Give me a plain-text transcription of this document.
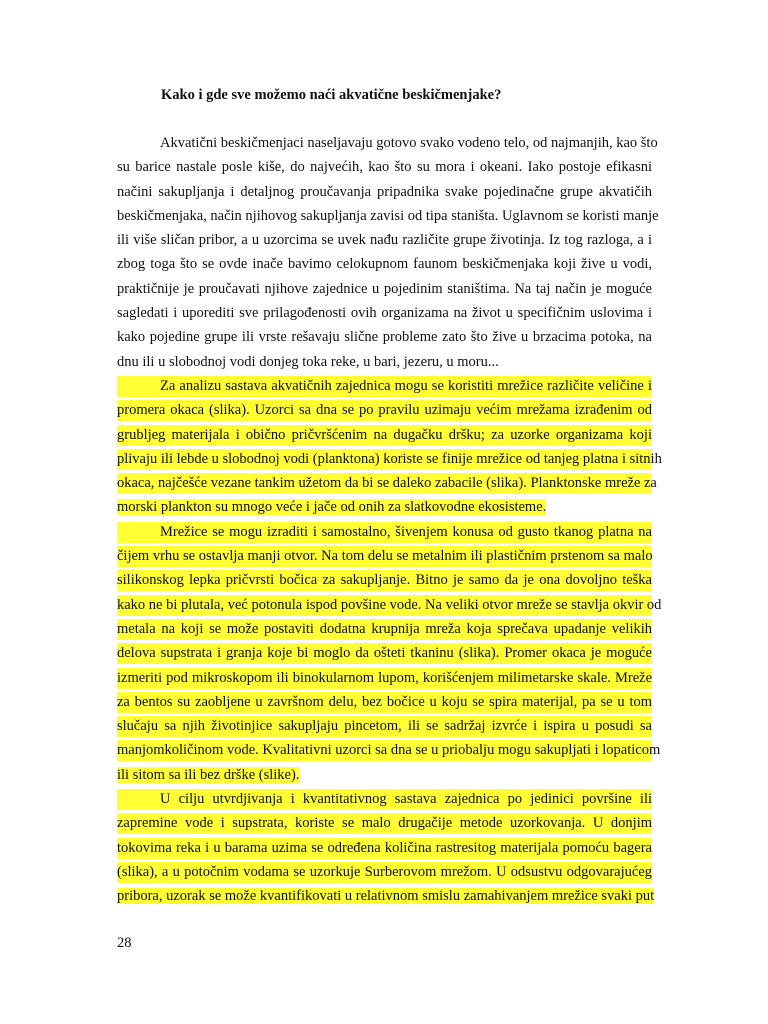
Kako i gde sve možemo naći akvatične beskičmenjake?
Akvatični beskičmenjaci naseljavaju gotovo svako vodeno telo, od najmanjih, kao što
su barice nastale posle kiše, do najvećih, kao što su mora i okeani. Iako postoje efikasni
načini sakupljanja i detaljnog proučavanja pripadnika svake pojedinačne grupe akvatičih
beskičmenjaka, način njihovog sakupljanja zavisi od tipa staništa. Uglavnom se koristi manje
ili više sličan pribor, a u uzorcima se uvek nađu različite grupe životinja. Iz tog razloga, a i
zbog toga što se ovde inače bavimo celokupnom faunom beskičmenjaka koji žive u vodi,
praktičnije je proučavati njihove zajednice u pojedinim staništima. Na taj način je moguće
sagledati i uporediti sve prilagođenosti ovih organizama na život u specifičnim uslovima i
kako pojedine grupe ili vrste rešavaju slične probleme zato što žive u brzacima potoka, na
dnu ili u slobodnoj vodi donjeg toka reke, u bari, jezeru, u moru...
Za analizu sastava akvatičnih zajednica mogu se koristiti mrežice različite veličine i
promera okaca (slika). Uzorci sa dna se po pravilu uzimaju većim mrežama izrađenim od
grubljeg materijala i obično pričvršćenim na dugačku dršku; za uzorke organizama koji
plivaju ili lebde u slobodnoj vodi (planktona) koriste se finije mrežice od tanjeg platna i sitnih
okaca, najčešće vezane tankim užetom da bi se daleko zabacile (slika). Planktonske mreže za
morski plankton su mnogo veće i jače od onih za slatkovodne ekosisteme.
Mrežice se mogu izraditi i samostalno, šivenjem konusa od gusto tkanog platna na
čijem vrhu se ostavlja manji otvor. Na tom delu se metalnim ili plastičnim prstenom sa malo
silikonskog lepka pričvrsti bočica za sakupljanje. Bitno je samo da je ona dovoljno teška
kako ne bi plutala, već potonula ispod povšine vode. Na veliki otvor mreže se stavlja okvir od
metala na koji se može postaviti dodatna krupnija mreža koja sprečava upadanje velikih
delova supstrata i granja koje bi moglo da ošteti tkaninu (slika). Promer okaca je moguće
izmeriti pod mikroskopom ili binokularnom lupom, korišćenjem milimetarske skale. Mreže
za bentos su zaobljene u završnom delu, bez bočice u koju se spira materijal, pa se u tom
slučaju sa njih životinjice sakupljaju pincetom, ili se sadržaj izvrće i ispira u posudi sa
manjomkoličinom vode. Kvalitativni uzorci sa dna se u priobalju mogu sakupljati i lopaticom
ili sitom sa ili bez drške (slike).
U cilju utvrdjivanja i kvantitativnog sastava zajednica po jedinici površine ili
zapremine vode i supstrata, koriste se malo drugačije metode uzorkovanja. U donjim
tokovima reka i u barama uzima se određena količina rastresitog materijala pomoću bagera
(slika), a u potočnim vodama se uzorkuje Surberovom mrežom. U odsustvu odgovarajućeg
pribora, uzorak se može kvantifikovati u relativnom smislu zamahivanjem mrežice svaki put
28
